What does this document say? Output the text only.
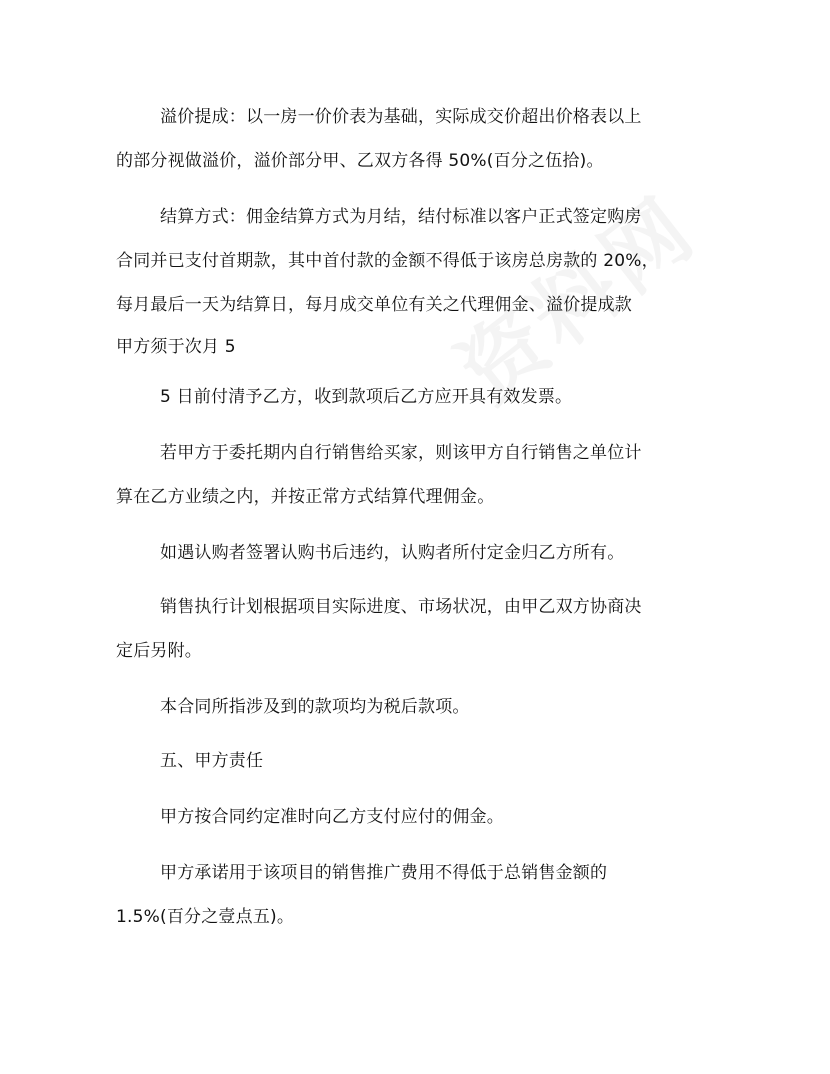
溢价提成：以一房一价价表为基础，实际成交价超出价格表以上
的部分视做溢价，溢价部分甲、乙双方各得 50%(百分之伍拾)。
结算方式：佣金结算方式为月结，结付标准以客户正式签定购房
合同并已支付首期款，其中首付款的金额不得低于该房总房款的 20%，
每月最后一天为结算日，每月成交单位有关之代理佣金、溢价提成款
甲方须于次月 5
5 日前付清予乙方，收到款项后乙方应开具有效发票。
若甲方于委托期内自行销售给买家，则该甲方自行销售之单位计
算在乙方业绩之内，并按正常方式结算代理佣金。
如遇认购者签署认购书后违约，认购者所付定金归乙方所有。
销售执行计划根据项目实际进度、市场状况，由甲乙双方协商决
定后另附。
本合同所指涉及到的款项均为税后款项。
五、甲方责任
甲方按合同约定准时向乙方支付应付的佣金。
甲方承诺用于该项目的销售推广费用不得低于总销售金额的
1.5%(百分之壹点五)。
